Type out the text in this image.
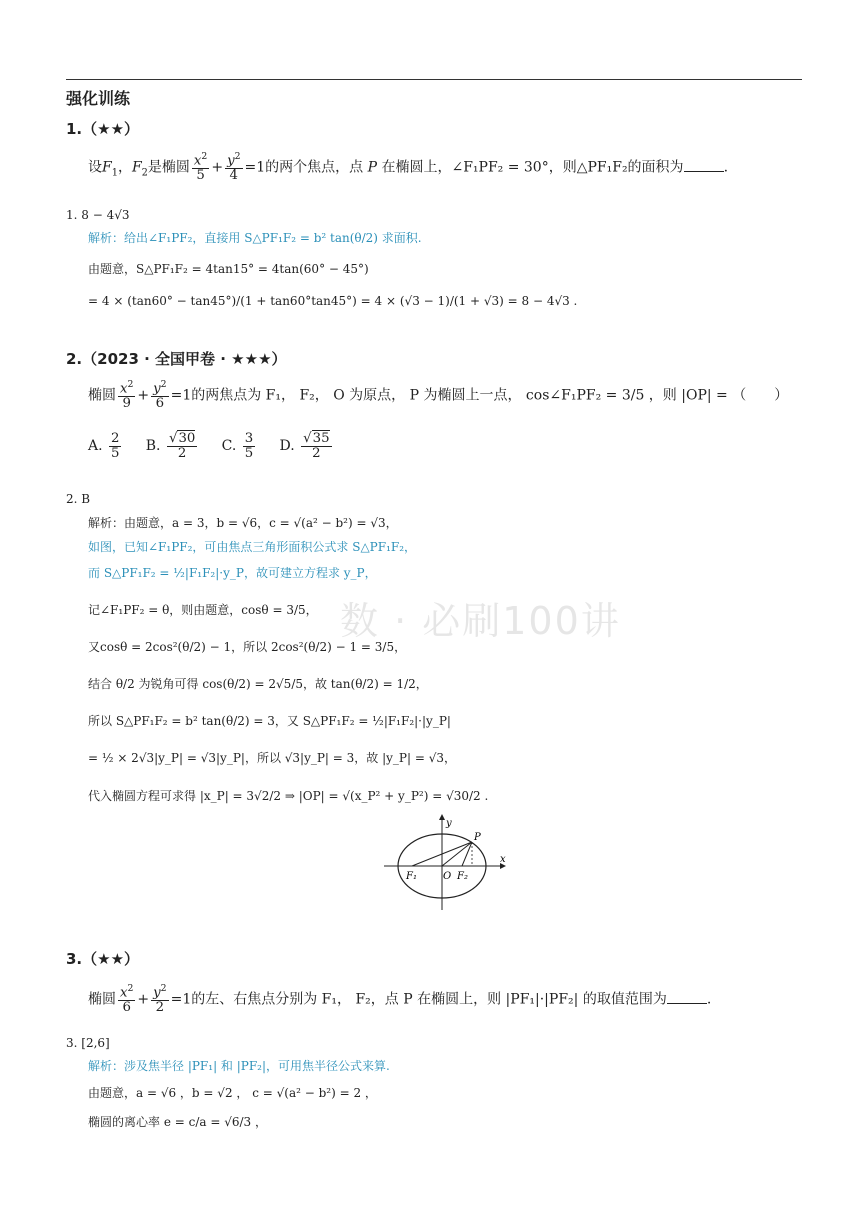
强化训练
数 · 必刷100讲
1.（★★）
设$F_1$，$F_2$是椭圆 $\frac{x^2}{5} + \frac{y^2}{4} =1$的两个焦点，点 P 在椭圆上，∠F₁PF₂ = 30°，则△PF₁F₂的面积为	.
1. 8 − 4√3
解析：给出∠F₁PF₂，直接用 S△PF₁F₂ = b² tan(θ/2) 求面积.
由题意，S△PF₁F₂ = 4tan15° = 4tan(60° − 45°)
= 4 × (tan60° − tan45°)/(1 + tan60°tan45°) = 4 × (√3 − 1)/(1 + √3) = 8 − 4√3 .
2.（2023 · 全国甲卷 · ★★★）
椭圆 $\frac{x^2}{9} + \frac{y^2}{6} =1$的两焦点为 F₁， F₂， O 为原点， P 为椭圆上一点， cos∠F₁PF₂ = 3/5 ，则 |OP| = （　　）
A. $\frac{2}{5} B$. $\frac{√30}{2} C$. $\frac{3}{5} D$. $\frac{√35}{2}$
2. B
解析：由题意，a = 3，b = √6，c = √(a² − b²) = √3，
如图，已知∠F₁PF₂，可由焦点三角形面积公式求 S△PF₁F₂，
而 S△PF₁F₂ = ½|F₁F₂|·y_P，故可建立方程求 y_P，
记∠F₁PF₂ = θ，则由题意，cosθ = 3/5，
又cosθ = 2cos²(θ/2) − 1，所以 2cos²(θ/2) − 1 = 3/5，
结合 θ/2 为锐角可得 cos(θ/2) = 2√5/5，故 tan(θ/2) = 1/2，
所以 S△PF₁F₂ = b² tan(θ/2) = 3，又 S△PF₁F₂ = ½|F₁F₂|·|y_P|
= ½ × 2√3|y_P| = √3|y_P|，所以 √3|y_P| = 3，故 |y_P| = √3，
代入椭圆方程可求得 |x_P| = 3√2/2 ⇒ |OP| = √(x_P² + y_P²) = √30/2 .
y
x
P
F₁	O F₂
3.（★★）
椭圆 $\frac{x^2}{6} + \frac{y^2}{2} =1$的左、右焦点分别为 F₁， F₂，点 P 在椭圆上，则 |PF₁|·|PF₂| 的取值范围为	.
3. [2,6]
解析：涉及焦半径 |PF₁| 和 |PF₂|，可用焦半径公式来算.
由题意，a = √6 ，b = √2 ， c = √(a² − b²) = 2 ，
椭圆的离心率 e = c/a = √6/3 ，
